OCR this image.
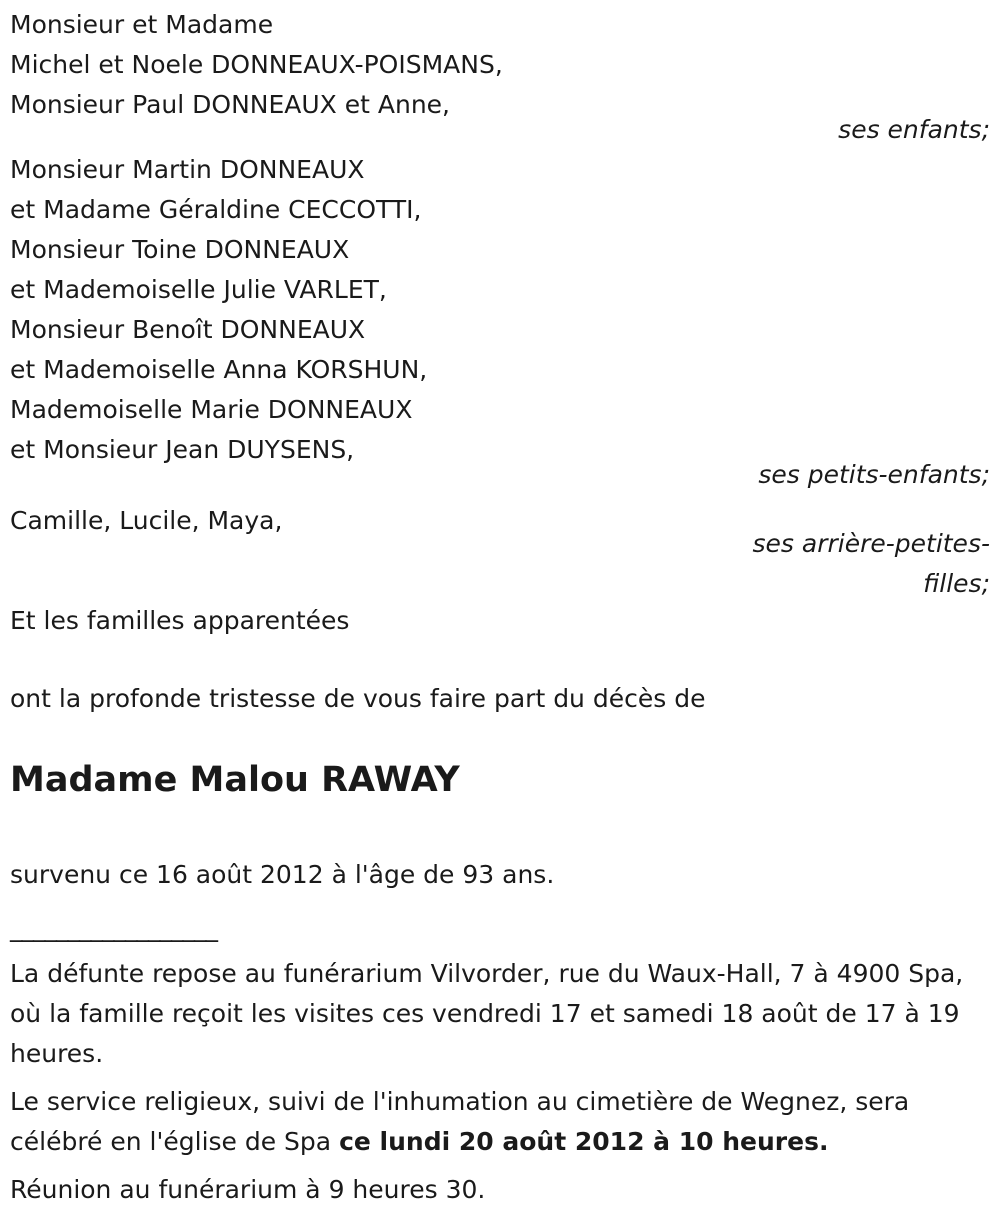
Monsieur et Madame
Michel et Noele DONNEAUX-POISMANS,
Monsieur Paul DONNEAUX et Anne,
ses enfants;
Monsieur Martin DONNEAUX
et Madame Géraldine CECCOTTI,
Monsieur Toine DONNEAUX
et Mademoiselle Julie VARLET,
Monsieur Benoît DONNEAUX
et Mademoiselle Anna KORSHUN,
Mademoiselle Marie DONNEAUX
et Monsieur Jean DUYSENS,
ses petits-enfants;
Camille, Lucile, Maya,
ses arrière-petites-filles;
Et les familles apparentées
ont la profonde tristesse de vous faire part du décès de
Madame Malou RAWAY
survenu ce 16 août 2012 à l'âge de 93 ans.
__________________
La défunte repose au funérarium Vilvorder, rue du Waux-Hall, 7 à 4900 Spa, où la famille reçoit les visites ces vendredi 17 et samedi 18 août de 17 à 19 heures.
Le service religieux, suivi de l'inhumation au cimetière de Wegnez, sera célébré en l'église de Spa ce lundi 20 août 2012 à 10 heures.
Réunion au funérarium à 9 heures 30.
